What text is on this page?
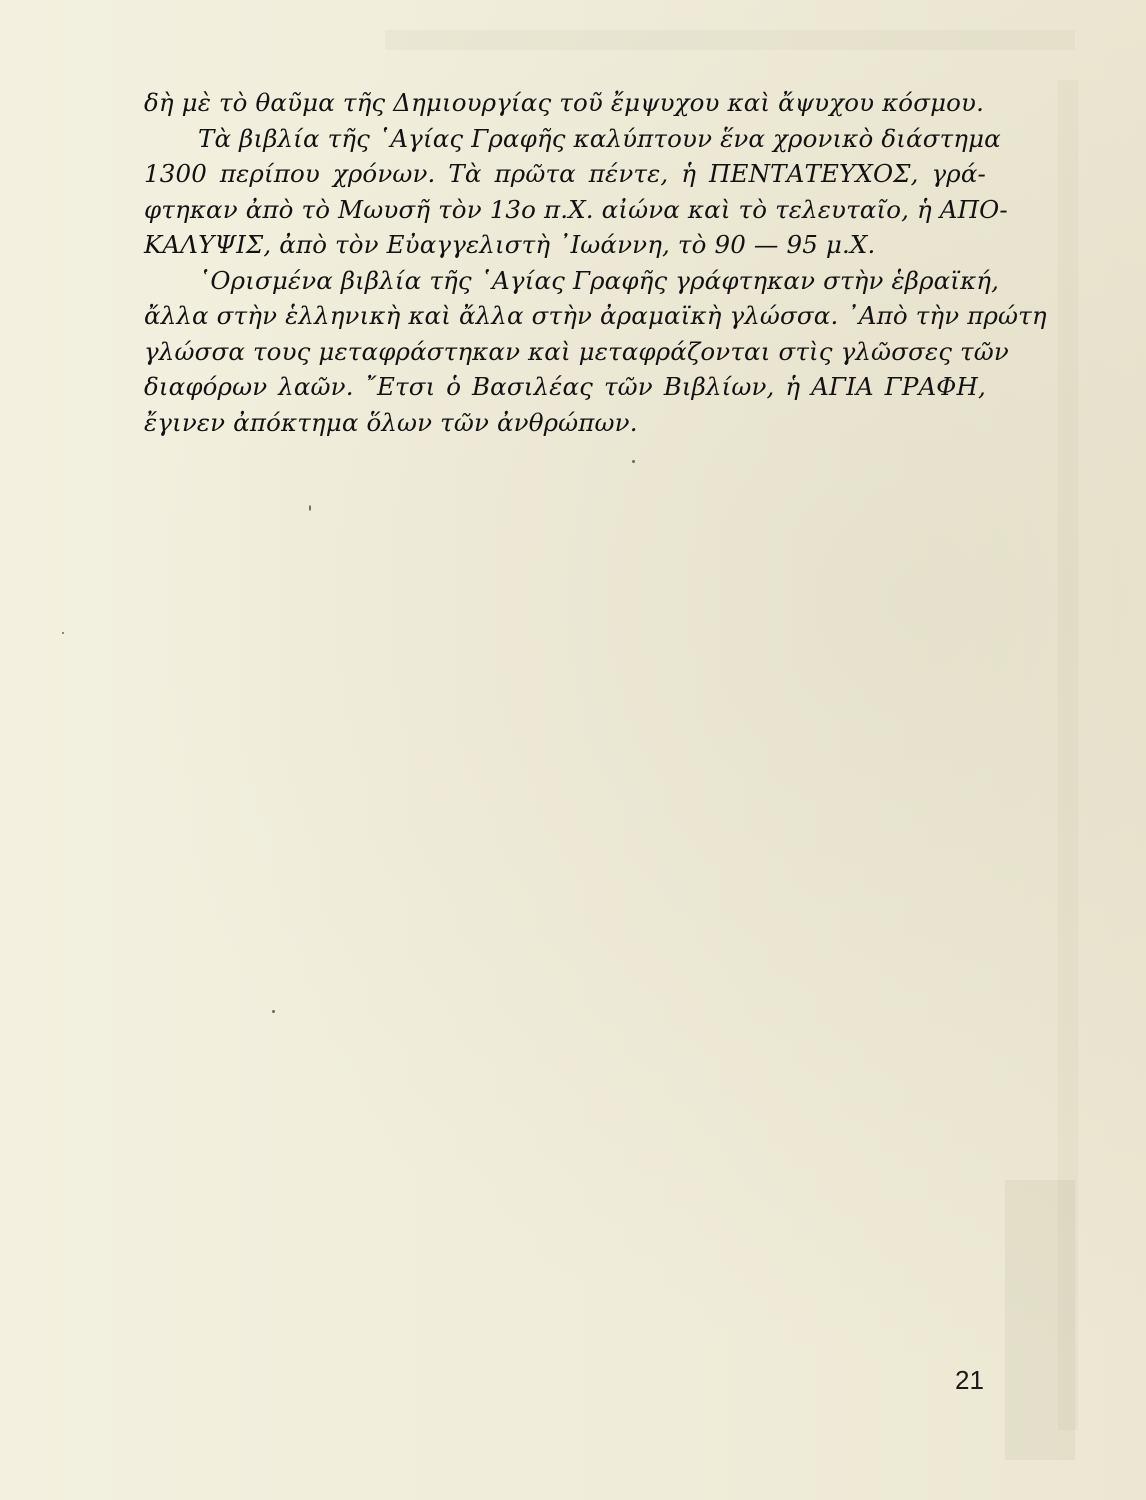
δὴ μὲ τὸ θαῦμα τῆς Δημιουργίας τοῦ ἔμψυχου καὶ ἄψυχου κόσμου.
Τὰ βιβλία τῆς ῾Αγίας Γραφῆς καλύπτουν ἕνα χρονικὸ διάστημα
1300 περίπου χρόνων. Τὰ πρῶτα πέντε, ἡ ΠΕΝΤΑΤΕΥΧΟΣ, γρά-
φτηκαν ἀπὸ τὸ Μωυσῆ τὸν 13ο π.Χ. αἰώνα καὶ τὸ τελευταῖο, ἡ ΑΠΟ-
ΚΑΛΥΨΙΣ, ἀπὸ τὸν Εὐαγγελιστὴ ᾿Ιωάννη, τὸ 90 — 95 μ.Χ.
῾Ορισμένα βιβλία τῆς ῾Αγίας Γραφῆς γράφτηκαν στὴν ἑβραϊκή,
ἄλλα στὴν ἑλληνικὴ καὶ ἄλλα στὴν ἀραμαϊκὴ γλώσσα. ᾿Απὸ τὴν πρώτη
γλώσσα τους μεταφράστηκαν καὶ μεταφράζονται στὶς γλῶσσες τῶν
διαφόρων λαῶν. ῎Ετσι ὁ Βασιλέας τῶν Βιβλίων, ἡ ΑΓΙΑ ΓΡΑΦΗ,
ἔγινεν ἀπόκτημα ὅλων τῶν ἀνθρώπων.
21
